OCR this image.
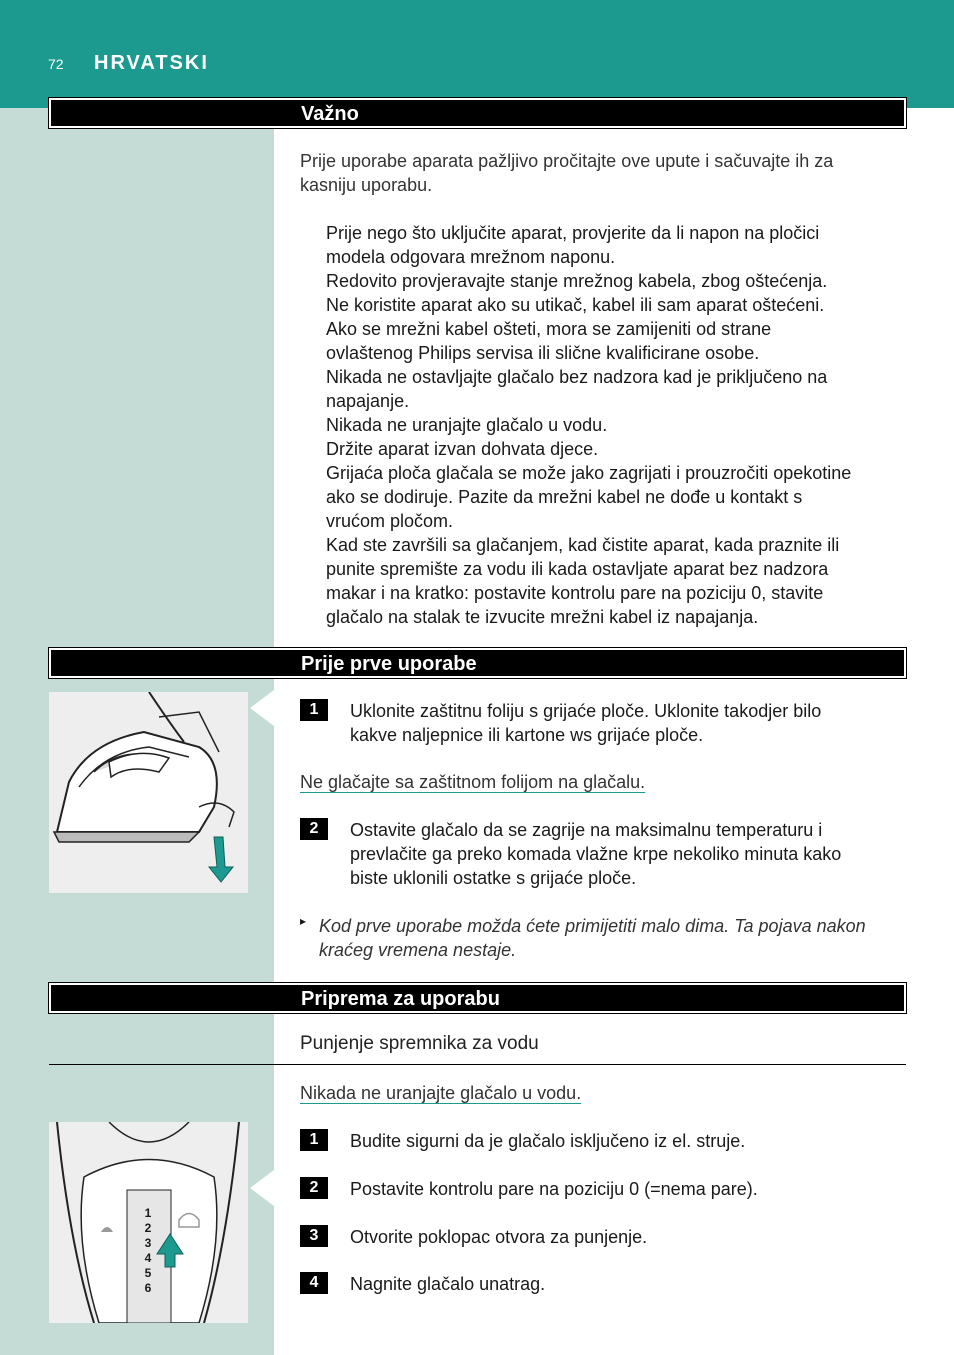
72 HRVATSKI
Važno
Prije uporabe aparata pažljivo pročitajte ove upute i sačuvajte ih za kasniju uporabu.
Prije nego što uključite aparat, provjerite da li napon na pločici
modela odgovara mrežnom naponu.
Redovito provjeravajte stanje mrežnog kabela, zbog oštećenja.
Ne koristite aparat ako su utikač, kabel ili sam aparat oštećeni.
Ako se mrežni kabel ošteti, mora se zamijeniti od strane
ovlaštenog Philips servisa ili slične kvalificirane osobe.
Nikada ne ostavljajte glačalo bez nadzora kad je priključeno na
napajanje.
Nikada ne uranjajte glačalo u vodu.
Držite aparat izvan dohvata djece.
Grijaća ploča glačala se može jako zagrijati i prouzročiti opekotine
ako se dodiruje. Pazite da mrežni kabel ne dođe u kontakt s
vrućom pločom.
Kad ste završili sa glačanjem, kad čistite aparat, kada praznite ili
punite spremište za vodu ili kada ostavljate aparat bez nadzora
makar i na kratko: postavite kontrolu pare na poziciju 0, stavite
glačalo na stalak te izvucite mrežni kabel iz napajanja.
Prije prve uporabe
1	Uklonite zaštitnu foliju s grijaće ploče. Uklonite takodjer bilo
kakve naljepnice ili kartone ws grijaće ploče.
Ne glačajte sa zaštitnom folijom na glačalu.
2	Ostavite glačalo da se zagrije na maksimalnu temperaturu i
prevlačite ga preko komada vlažne krpe nekoliko minuta kako
biste uklonili ostatke s grijaće ploče.
▸ Kod prve uporabe možda ćete primijetiti malo dima. Ta pojava nakon
kraćeg vremena nestaje.
Priprema za uporabu
Punjenje spremnika za vodu
Nikada ne uranjajte glačalo u vodu.
1
2
3
4
5
6
1	Budite sigurni da je glačalo isključeno iz el. struje.
2	Postavite kontrolu pare na poziciju 0 (=nema pare).
3	Otvorite poklopac otvora za punjenje.
4	Nagnite glačalo unatrag.
